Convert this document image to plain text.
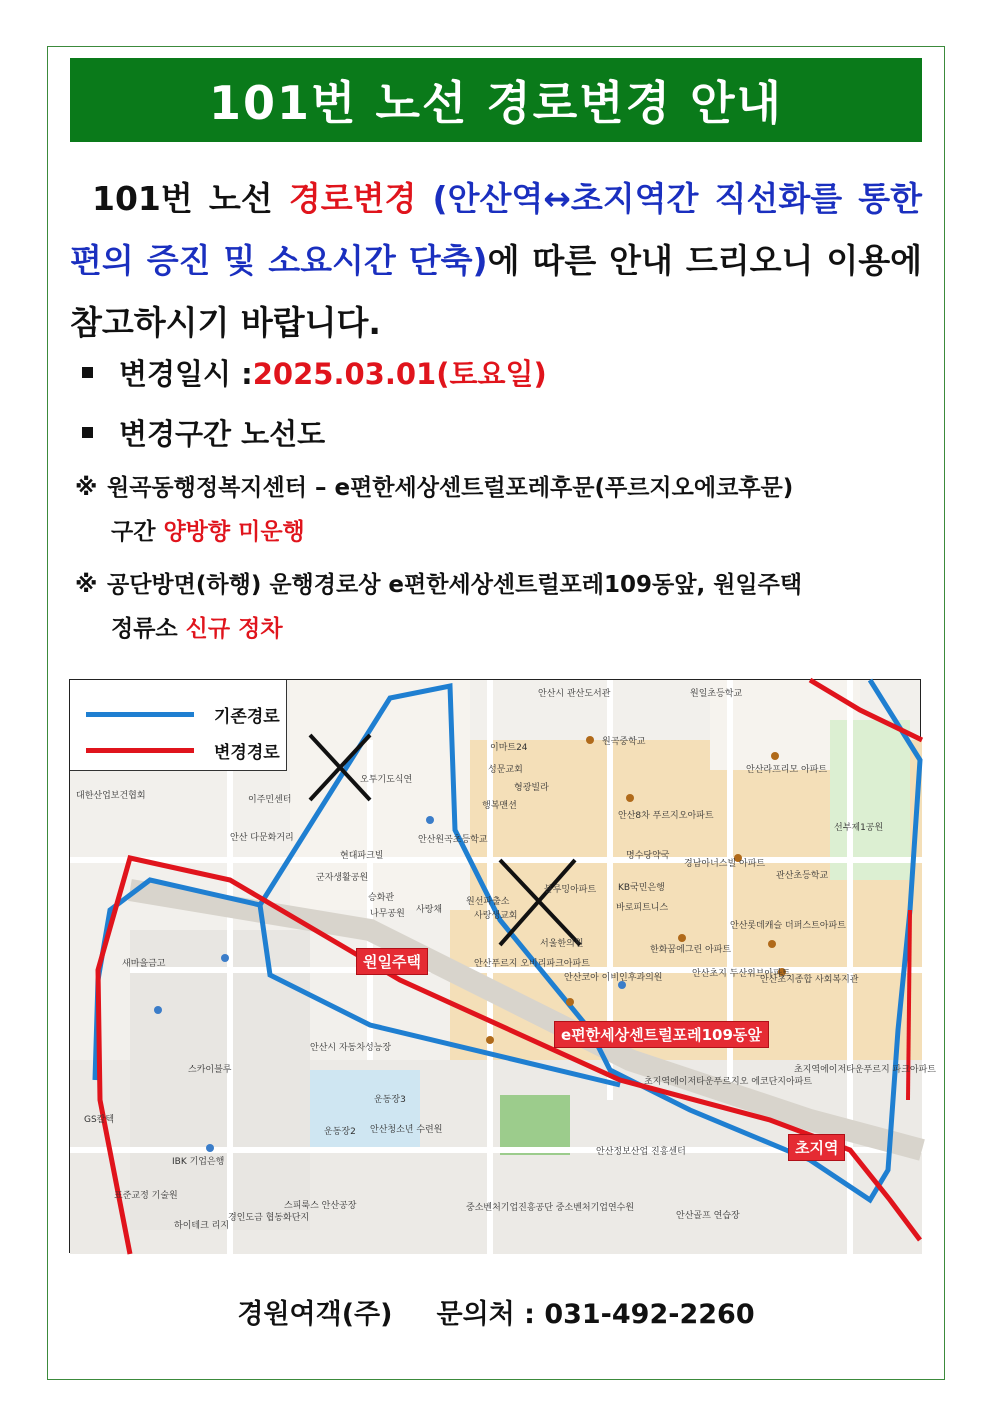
101번 노선 경로변경 안내
101번 노선 경로변경 (안산역↔초지역간 직선화를 통한 편의 증진 및 소요시간 단축)에 따른 안내 드리오니 이용에 참고하시기 바랍니다.
변경일시 : 2025.03.01(토요일)
변경구간 노선도
※ 원곡동행정복지센터 – e편한세상센트럴포레후문(푸르지오에코후문)
구간 양방향 미운행
※ 공단방면(하행) 운행경로상 e편한세상센트럴포레109동앞, 원일주택
정류소 신규 정차
기존경로
변경경로
안산시 관산도서관	원일초등학교
원곡중학교
안산라프리모 아파트
선부제1공원
대한산업보건협회	이주민센터
안산 다문화거리
현대파크빌
군자생활공원
나무공원
안산원곡초등학교
안산8차 푸르지오아파트
명수당약국
경남아너스빌 아파트
관산초등학교
KB국민은행
바로피트니스
한화꿈에그린 아파트
안산롯데캐슬 더퍼스트아파트
안산초지 두산위브아파트
안산초지종합 사회복지관
안산푸르지 오비리파크아파트
안산코아 이비인후과의원
새마을금고
스카이블루
안산시 자동차성능장
안산청소년 수련원
초지역에이저타운푸르지오 에코단지아파트
초지역에이저타운푸르지 파크아파트
안산정보산업 진흥센터
중소벤처기업진흥공단 중소벤처기업연수원
안산골프 연습장
IBK 기업은행
표준교정 기술원
경인도금 협동화단지
스피룩스 안산공장
하이테크 리지
GS칼텍
운동장3
운동장2
사랑채
성문교회
형광빌라
행복맨션
이마트24
오투기도식연
원선파출소
서울한의원
승화관
사랑생교회
블루밍아파트
원일주택
e편한세상센트럴포레109동앞
초지역
경원여객(주) 문의처 : 031-492-2260
